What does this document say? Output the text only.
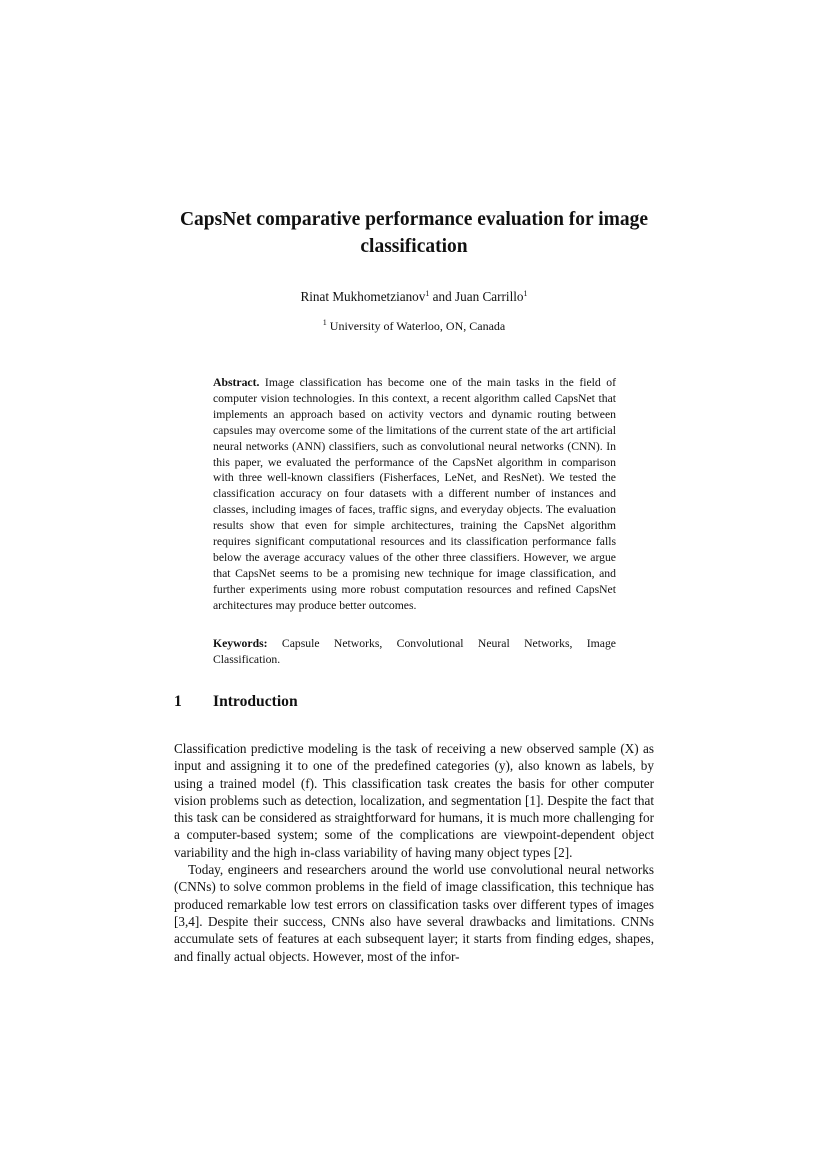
CapsNet comparative performance evaluation for image classification

Rinat Mukhometzianov$^1$ and Juan Carrillo$^1$

$^1$ University of Waterloo, ON, Canada

Abstract. Image classification has become one of the main tasks in the field of computer vision technologies. In this context, a recent algorithm called CapsNet that implements an approach based on activity vectors and dynamic routing between capsules may overcome some of the limitations of the current state of the art artificial neural networks (ANN) classifiers, such as convolutional neural networks (CNN). In this paper, we evaluated the performance of the CapsNet algorithm in comparison with three well-known classifiers (Fisherfaces, LeNet, and ResNet). We tested the classification accuracy on four datasets with a different number of instances and classes, including images of faces, traffic signs, and everyday objects. The evaluation results show that even for simple architectures, training the CapsNet algorithm requires significant computational resources and its classification performance falls below the average accuracy values of the other three classifiers. However, we argue that CapsNet seems to be a promising new technique for image classification, and further experiments using more robust computation resources and refined CapsNet architectures may produce better outcomes.

Keywords: Capsule Networks, Convolutional Neural Networks, Image Classification.

1 Introduction

Classification predictive modeling is the task of receiving a new observed sample (X) as input and assigning it to one of the predefined categories (y), also known as labels, by using a trained model (f). This classification task creates the basis for other computer vision problems such as detection, localization, and segmentation [1]. Despite the fact that this task can be considered as straightforward for humans, it is much more challenging for a computer-based system; some of the complications are viewpoint-dependent object variability and the high in-class variability of having many object types [2].

Today, engineers and researchers around the world use convolutional neural networks (CNNs) to solve common problems in the field of image classification, this technique has produced remarkable low test errors on classification tasks over different types of images [3,4]. Despite their success, CNNs also have several drawbacks and limitations. CNNs accumulate sets of features at each subsequent layer; it starts from finding edges, shapes, and finally actual objects. However, most of the infor-
